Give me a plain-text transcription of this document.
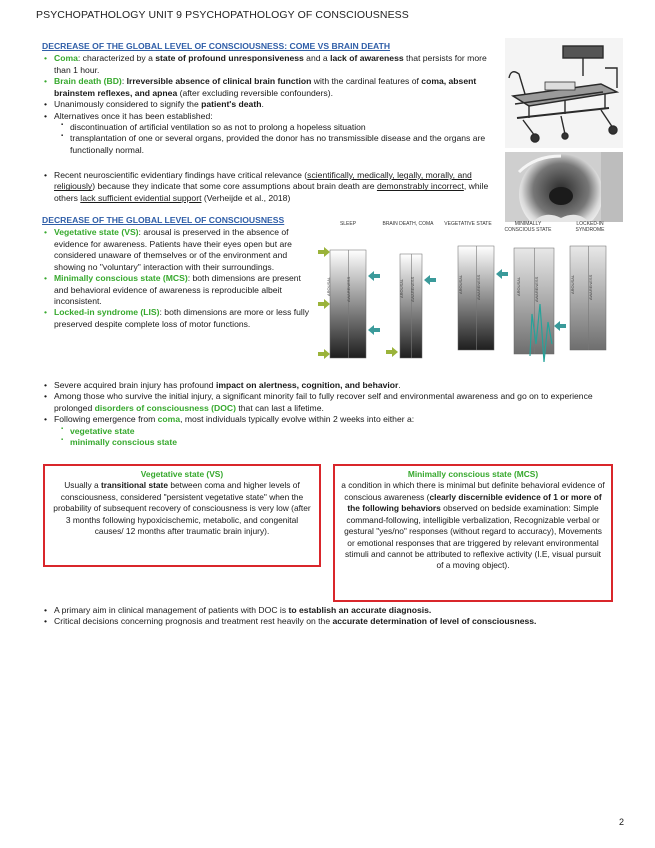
PSYCHOPATHOLOGY UNIT 9 PSYCHOPATHOLOGY OF CONSCIOUSNESS
DECREASE OF THE GLOBAL LEVEL OF CONSCIOUSNESS: COME VS BRAIN DEATH
• Coma: characterized by a state of profound unresponsiveness and a lack of awareness that persists for more than 1 hour.
• Brain death (BD): Irreversible absence of clinical brain function with the cardinal features of coma, absent brainstem reflexes, and apnea (after excluding reversible confounders).
• Unanimously considered to signify the patient's death.
• Alternatives once it has been established:
▪ discontinuation of artificial ventilation so as not to prolong a hopeless situation
▪ transplantation of one or several organs, provided the donor has no transmissible disease and the organs are functionally normal.
• Recent neuroscientific evidentiary findings have critical relevance (scientifically, medically, legally, morally, and religiously) because they indicate that some core assumptions about brain death are demonstrably incorrect, while others lack sufficient evidential support (Verheijde et al., 2018)
DECREASE OF THE GLOBAL LEVEL OF CONSCIOUSNESS
• Vegetative state (VS): arousal is preserved in the absence of evidence for awareness. Patients have their eyes open but are considered unaware of themselves or of the environment and showing no "voluntary" interaction with their surroundings.
• Minimally conscious state (MCS): both dimensions are present and behavioral evidence of awareness is reproducible albeit inconsistent.
• Locked-in syndrome (LIS): both dimensions are more or less fully preserved despite complete loss of motor functions.
SLEEP	BRAIN DEATH, COMA	VEGETATIVE STATE	MINIMALLY CONSCIOUS STATE
LOCKED-IN SYNDROME
AROUSAL	AWARENESS	AROUSAL AWARENESS	AROUSAL	AWARENESS	AROUSAL	AWARENESS	AROUSAL	AWARENESS
• Severe acquired brain injury has profound impact on alertness, cognition, and behavior.
• Among those who survive the initial injury, a significant minority fail to fully recover self and environmental awareness and go on to experience prolonged disorders of consciousness (DOC) that can last a lifetime.
• Following emergence from coma, most individuals typically evolve within 2 weeks into either a:
▪ vegetative state
▪ minimally conscious state
Vegetative state (VS)
Usually a transitional state between coma and higher levels of consciousness, considered "persistent vegetative state" when the probability of subsequent recovery of consciousness is very low (after 3 months following hypoxicischemic, metabolic, and congenital causes/ 12 months after traumatic brain injury).
Minimally conscious state (MCS)
a condition in which there is minimal but definite behavioral evidence of conscious awareness (clearly discernible evidence of 1 or more of the following behaviors observed on bedside examination: Simple command-following, intelligible verbalization, Recognizable verbal or gestural "yes/no" responses (without regard to accuracy), Movements or emotional responses that are triggered by relevant environmental stimuli and cannot be attributed to reflexive activity (I.E, visual pursuit of a moving object).
• A primary aim in clinical management of patients with DOC is to establish an accurate diagnosis.
• Critical decisions concerning prognosis and treatment rest heavily on the accurate determination of level of consciousness.
2
